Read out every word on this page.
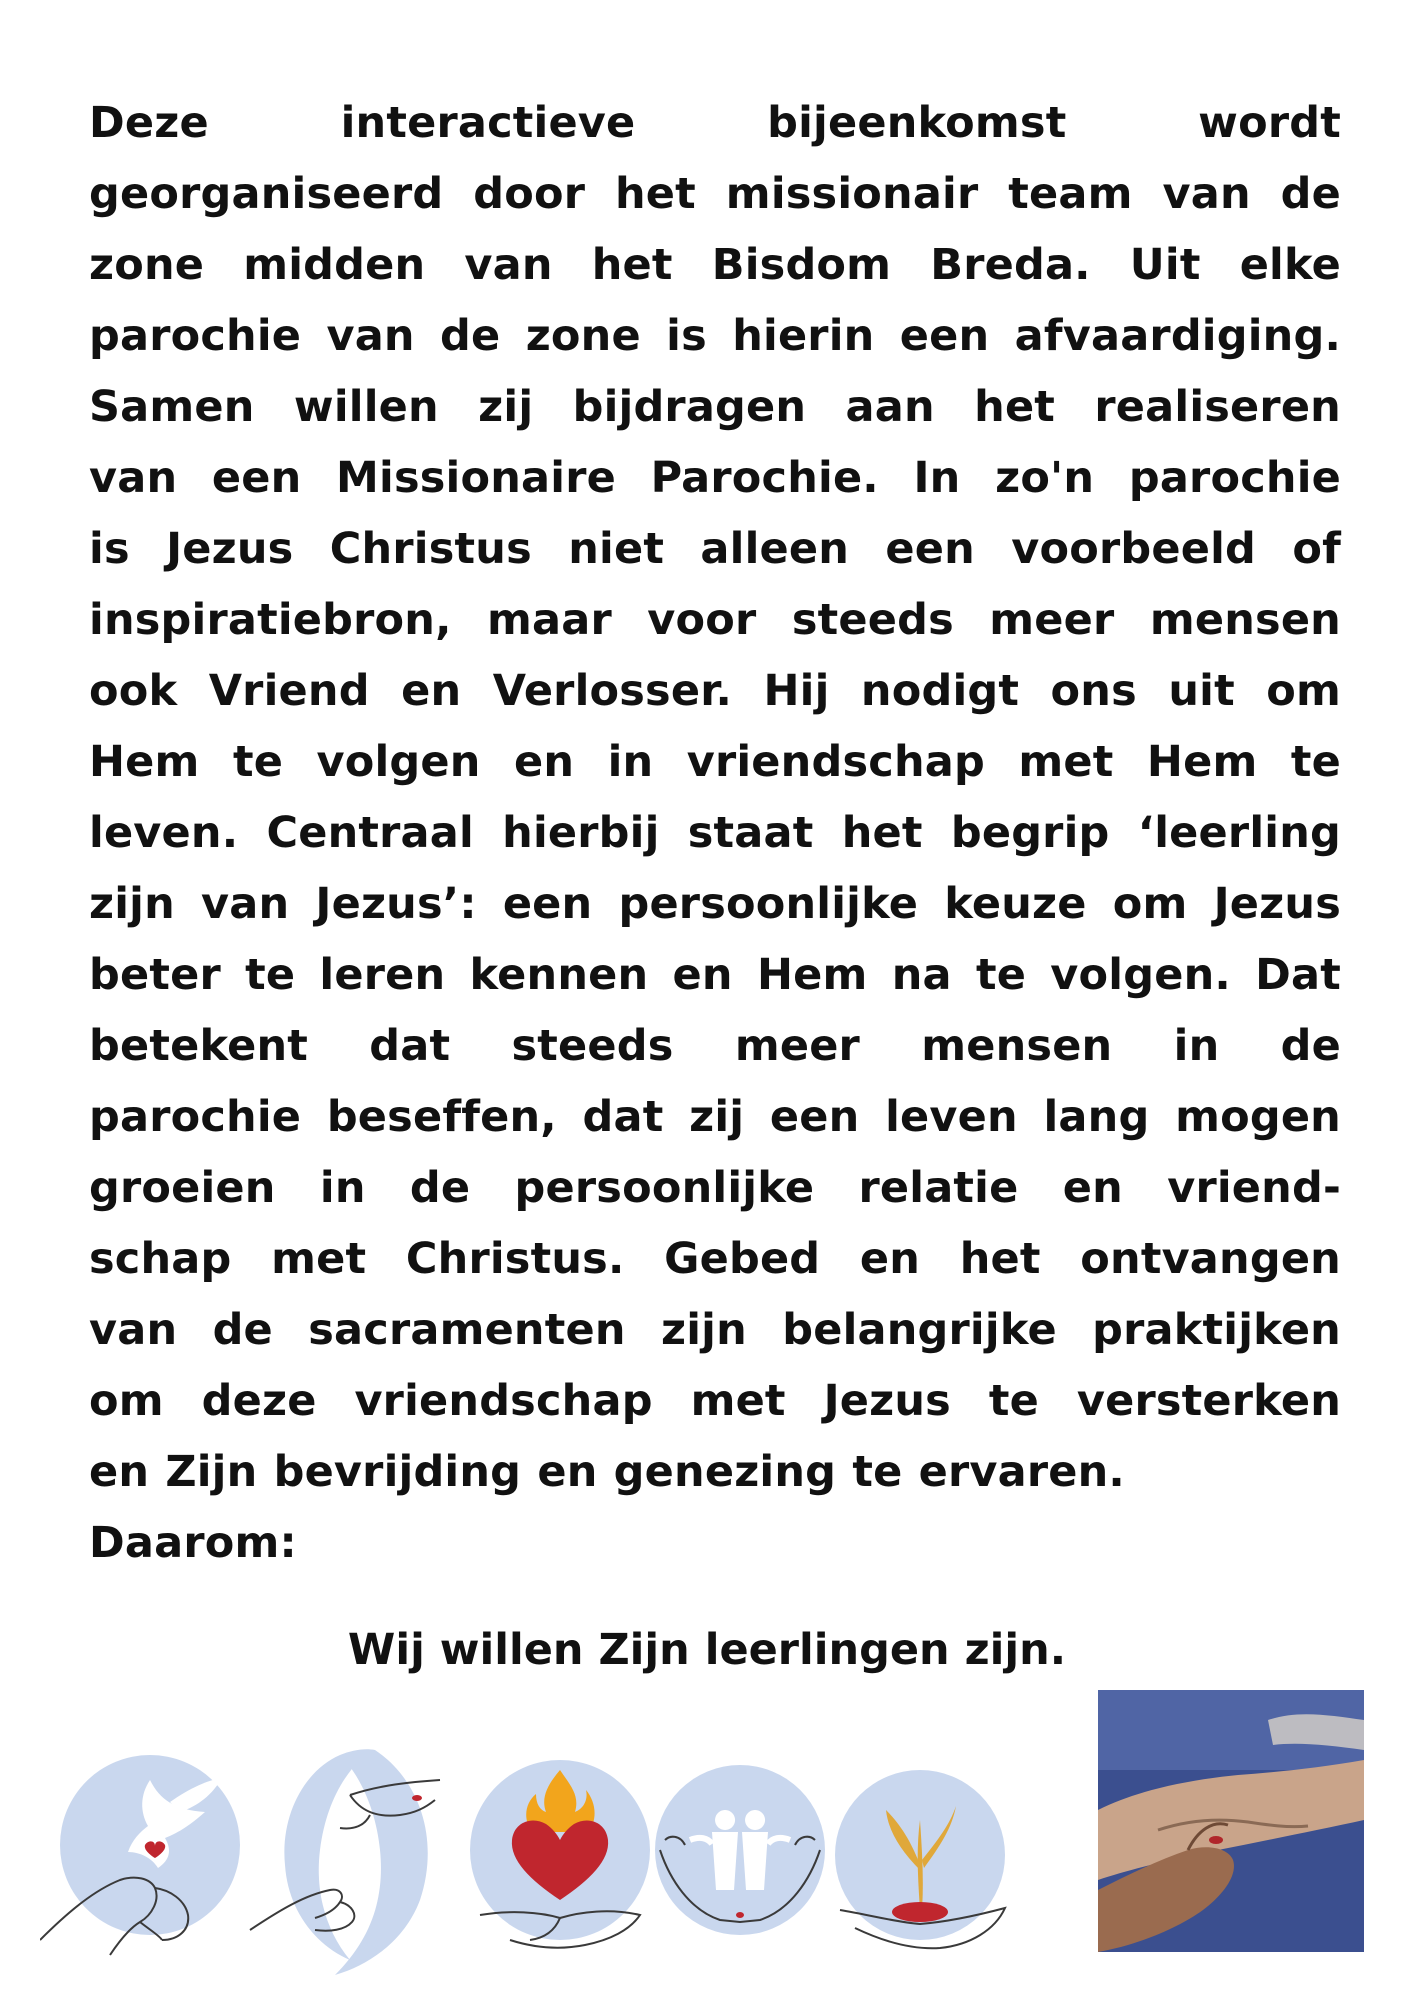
Deze interactieve bijeenkomst wordt
georganiseerd door het missionair team van de
zone midden van het Bisdom Breda. Uit elke
parochie van de zone is hierin een afvaardiging.
Samen willen zij bijdragen aan het realiseren
van een Missionaire Parochie. In zo'n parochie
is Jezus Christus niet alleen een voorbeeld of
inspiratiebron, maar voor steeds meer mensen
ook Vriend en Verlosser. Hij nodigt ons uit om
Hem te volgen en in vriendschap met Hem te
leven. Centraal hierbij staat het begrip ‘leerling
zijn van Jezus’: een persoonlijke keuze om Jezus
beter te leren kennen en Hem na te volgen. Dat
betekent dat steeds meer mensen in de
parochie beseffen, dat zij een leven lang mogen
groeien in de persoonlijke relatie en vriend-
schap met Christus. Gebed en het ontvangen
van de sacramenten zijn belangrijke praktijken
om deze vriendschap met Jezus te versterken
en Zijn bevrijding en genezing te ervaren.
Daarom:
Wij willen Zijn leerlingen zijn.
